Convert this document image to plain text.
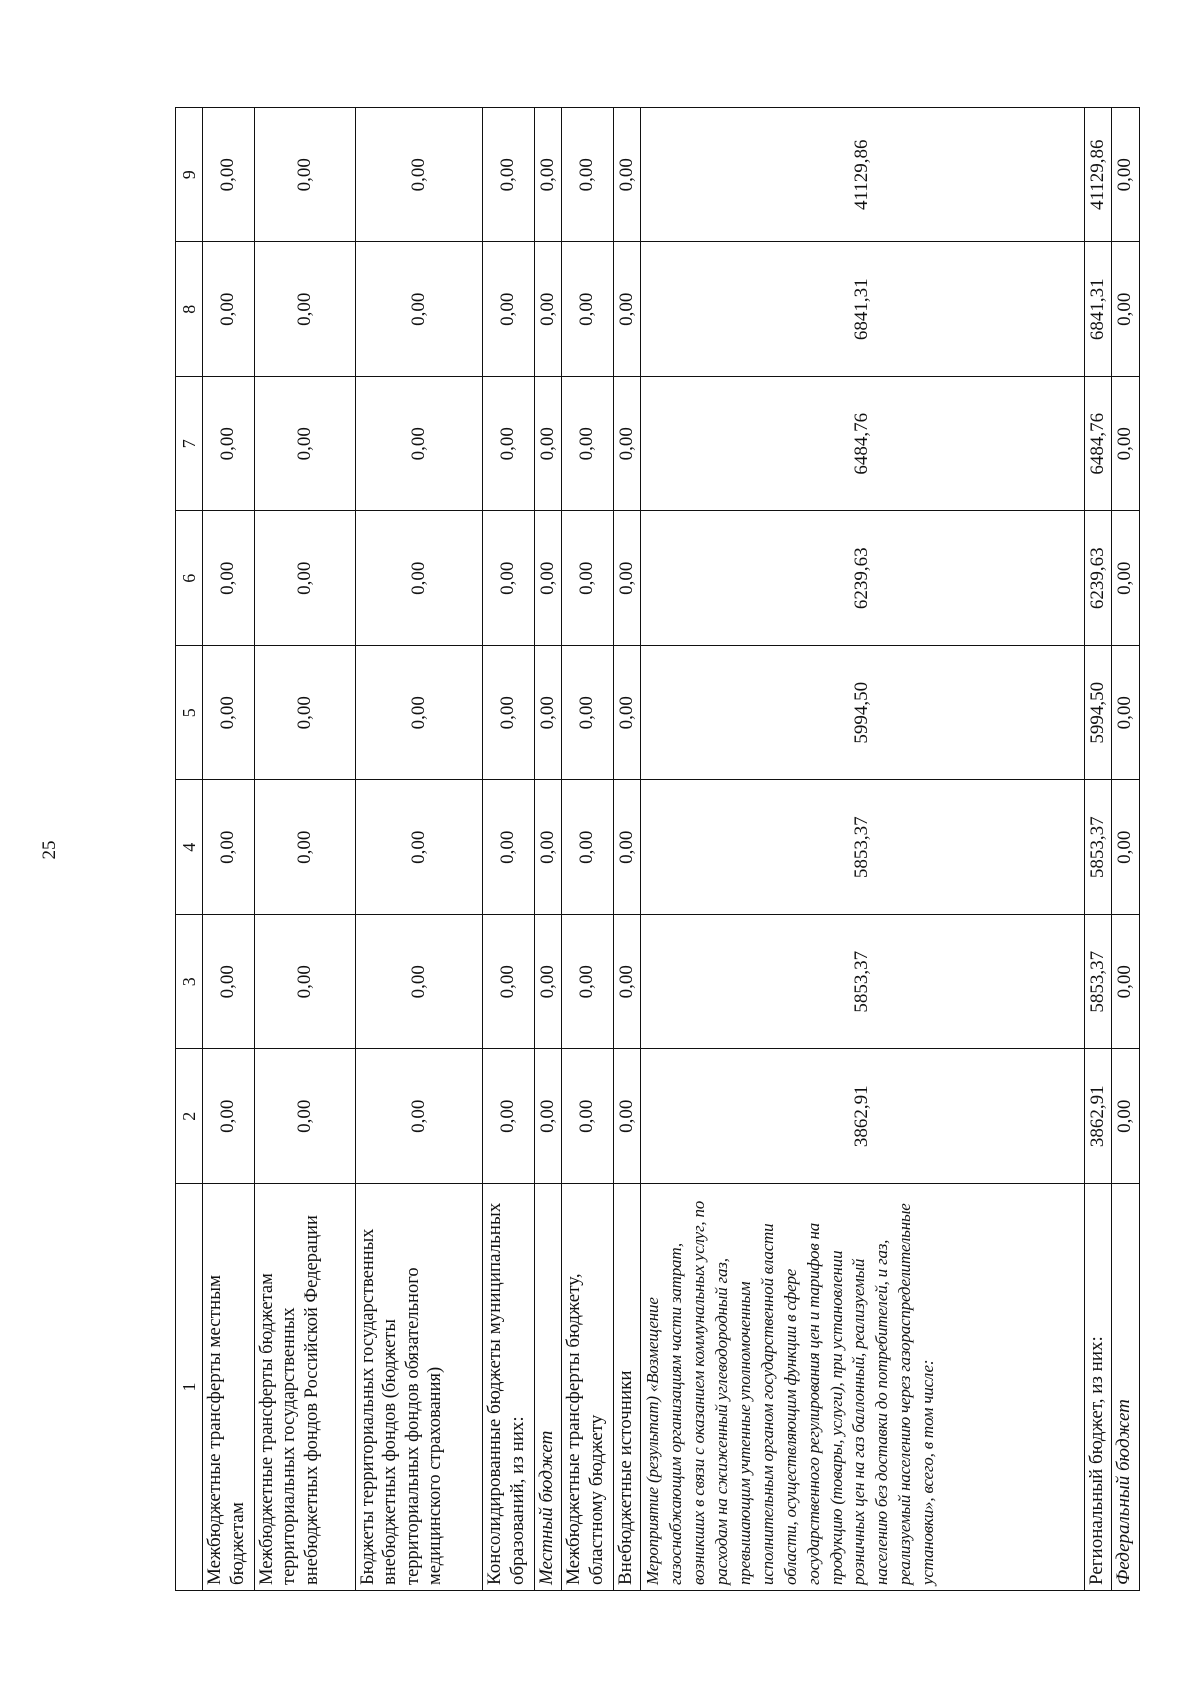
25
1	2	3	4	5	6	7	8	9
Межбюджетные трансферты местным бюджетам	0,00	0,00	0,00	0,00	0,00	0,00	0,00	0,00
Межбюджетные трансферты бюджетам территориальных государственных внебюджетных фондов Российской Федерации	0,00	0,00	0,00	0,00	0,00	0,00	0,00	0,00
Бюджеты территориальных государственных внебюджетных фондов (бюджеты территориальных фондов обязательного медицинского страхования)	0,00	0,00	0,00	0,00	0,00	0,00	0,00	0,00
Консолидированные бюджеты муниципальных образований, из них:	0,00	0,00	0,00	0,00	0,00	0,00	0,00	0,00
Местный бюджет	0,00	0,00	0,00	0,00	0,00	0,00	0,00	0,00
Межбюджетные трансферты бюджету, областному бюджету	0,00	0,00	0,00	0,00	0,00	0,00	0,00	0,00
Внебюджетные источники	0,00	0,00	0,00	0,00	0,00	0,00	0,00	0,00
Мероприятие (результат) «Возмещение газоснабжающим организациям части затрат, возникших в связи с оказанием коммунальных услуг, по расходам на сжиженный углеводородный газ, превышающим учтенные уполномоченным исполнительным органом государственной власти области, осуществляющим функции в сфере государственного регулирования цен и тарифов на продукцию (товары, услуги), при установлении розничных цен на газ баллонный, реализуемый населению без доставки до потребителей, и газ, реализуемый населению через газораспределительные установки», всего, в том числе:	3862,91	5853,37	5853,37	5994,50	6239,63	6484,76	6841,31	41129,86
Региональный бюджет, из них:	3862,91	5853,37	5853,37	5994,50	6239,63	6484,76	6841,31	41129,86
Федеральный бюджет	0,00	0,00	0,00	0,00	0,00	0,00	0,00	0,00
